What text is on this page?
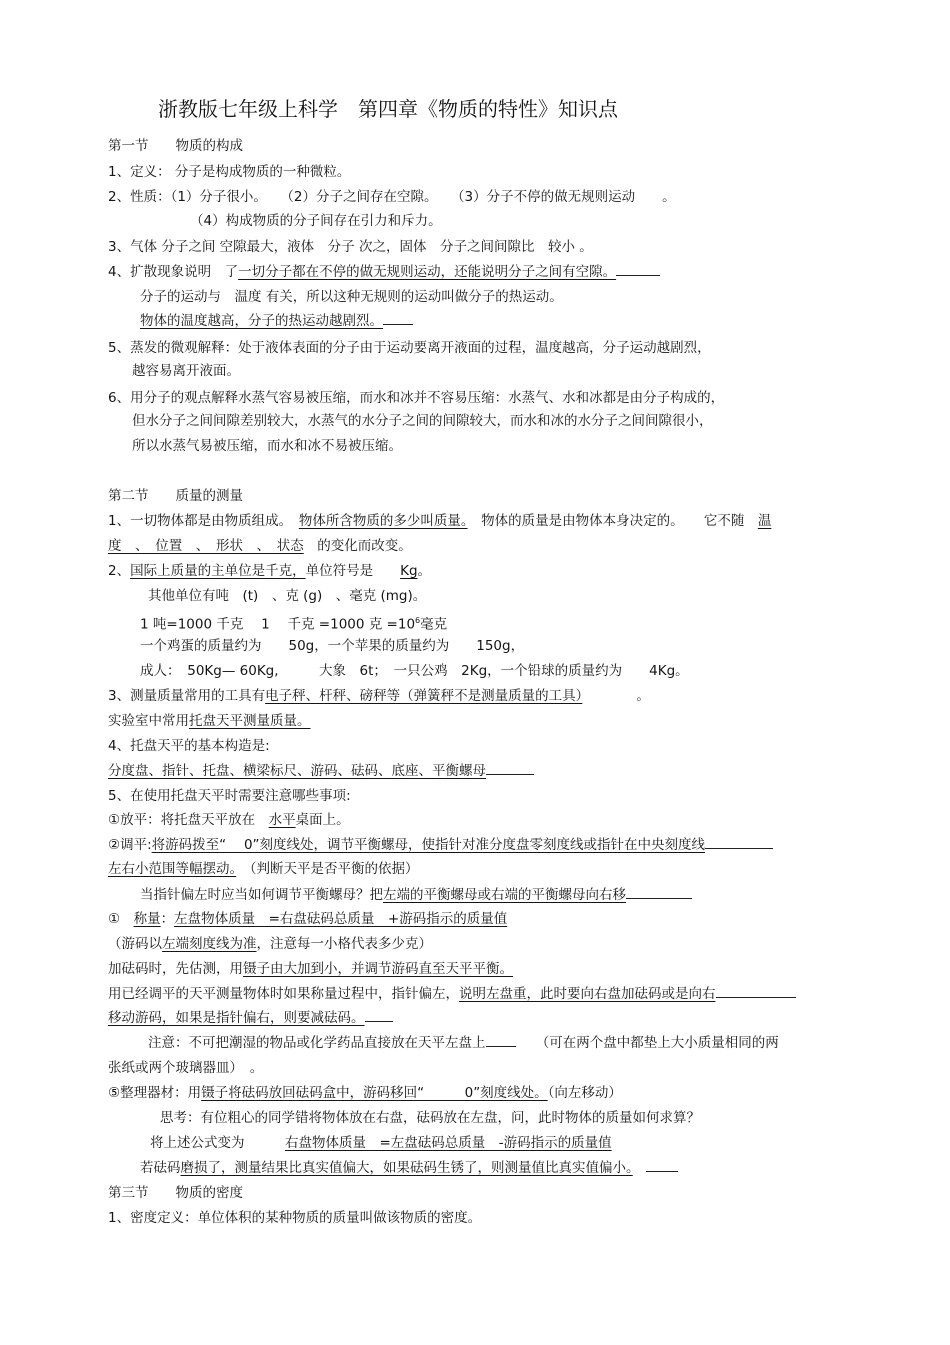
浙教版七年级上科学　第四章《物质的特性》知识点
第一节　　物质的构成
1、定义： 分子是构成物质的一种微粒。
2、性质：（1）分子很小。　　（2）分子之间存在空隙。　　（3）分子不停的做无规则运动　　。
（4）构成物质的分子间存在引力和斥力。
3、气体 分子之间 空隙最大，液体　分子 次之，固体　分子之间间隙比　较小 。
4、扩散现象说明　了一切分子都在不停的做无规则运动，还能说明分子之间有空隙。
分子的运动与　温度 有关，所以这种无规则的运动叫做分子的热运动。
物体的温度越高，分子的热运动越剧烈。
5、蒸发的微观解释：处于液体表面的分子由于运动要离开液面的过程，温度越高，分子运动越剧烈，
越容易离开液面。
6、用分子的观点解释水蒸气容易被压缩，而水和冰并不容易压缩：水蒸气、水和冰都是由分子构成的，
但水分子之间间隙差别较大，水蒸气的水分子之间的间隙较大，而水和冰的水分子之间间隙很小，
所以水蒸气易被压缩，而水和冰不易被压缩。
第二节　　质量的测量
1、一切物体都是由物质组成。　物体所含物质的多少叫质量。　物体的质量是由物体本身决定的。　　它不随　 温
度　、　位置　、　形状　、　状态　的变化而改变。
2、国际上质量的主单位是千克，单位符号是　　Kg。
其他单位有吨　(t)　、克 (g)　、毫克 (mg)。
1 吨=1000 千克　 1　 千克 =1000 克 $=10^6$毫克
一个鸡蛋的质量约为　　50g，一个苹果的质量约为　　150g，
成人：　50Kg— 60Kg,　　　大象　6t；　一只公鸡　2Kg，一个铅球的质量约为　　4Kg。
3、测量质量常用的工具有电子秤、杆秤、磅秤等（弹簧秤不是测量质量的工具）　　　　。
实验室中常用托盘天平测量质量。
4、托盘天平的基本构造是:
分度盘、指针、托盘、横梁标尺、游码、砝码、底座、平衡螺母
5、在使用托盘天平时需要注意哪些事项:
①放平：将托盘天平放在　水平桌面上。
②调平:将游码拨至“　 0”刻度线处，调节平衡螺母，使指针对准分度盘零刻度线或指针在中央刻度线
左右小范围等幅摆动。　（判断天平是否平衡的依据）
当指针偏左时应当如何调节平衡螺母？把左端的平衡螺母或右端的平衡螺母向右移
①　称量：左盘物体质量　=右盘砝码总质量　+游码指示的质量值
（游码以左端刻度线为准，注意每一小格代表多少克）
加砝码时，先估测，用镊子由大加到小，并调节游码直至天平平衡。
用已经调平的天平测量物体时如果称量过程中，指针偏左，说明左盘重，此时要向右盘加砝码或是向右
移动游码，如果是指针偏右，则要减砝码。
注意：不可把潮湿的物品或化学药品直接放在天平左盘上　　（可在两个盘中都垫上大小质量相同的两
张纸或两个玻璃器皿）　。
⑤整理器材：用镊子将砝码放回砝码盒中，游码移回“　　　0”刻度线处。（向左移动）
思考：有位粗心的同学错将物体放在右盘，砝码放在左盘，问，此时物体的质量如何求算？
将上述公式变为　　　右盘物体质量　=左盘砝码总质量　-游码指示的质量值
若砝码磨损了，测量结果比真实值偏大，如果砝码生锈了，则测量值比真实值偏小。　
第三节　　物质的密度
1、密度定义：单位体积的某种物质的质量叫做该物质的密度。
